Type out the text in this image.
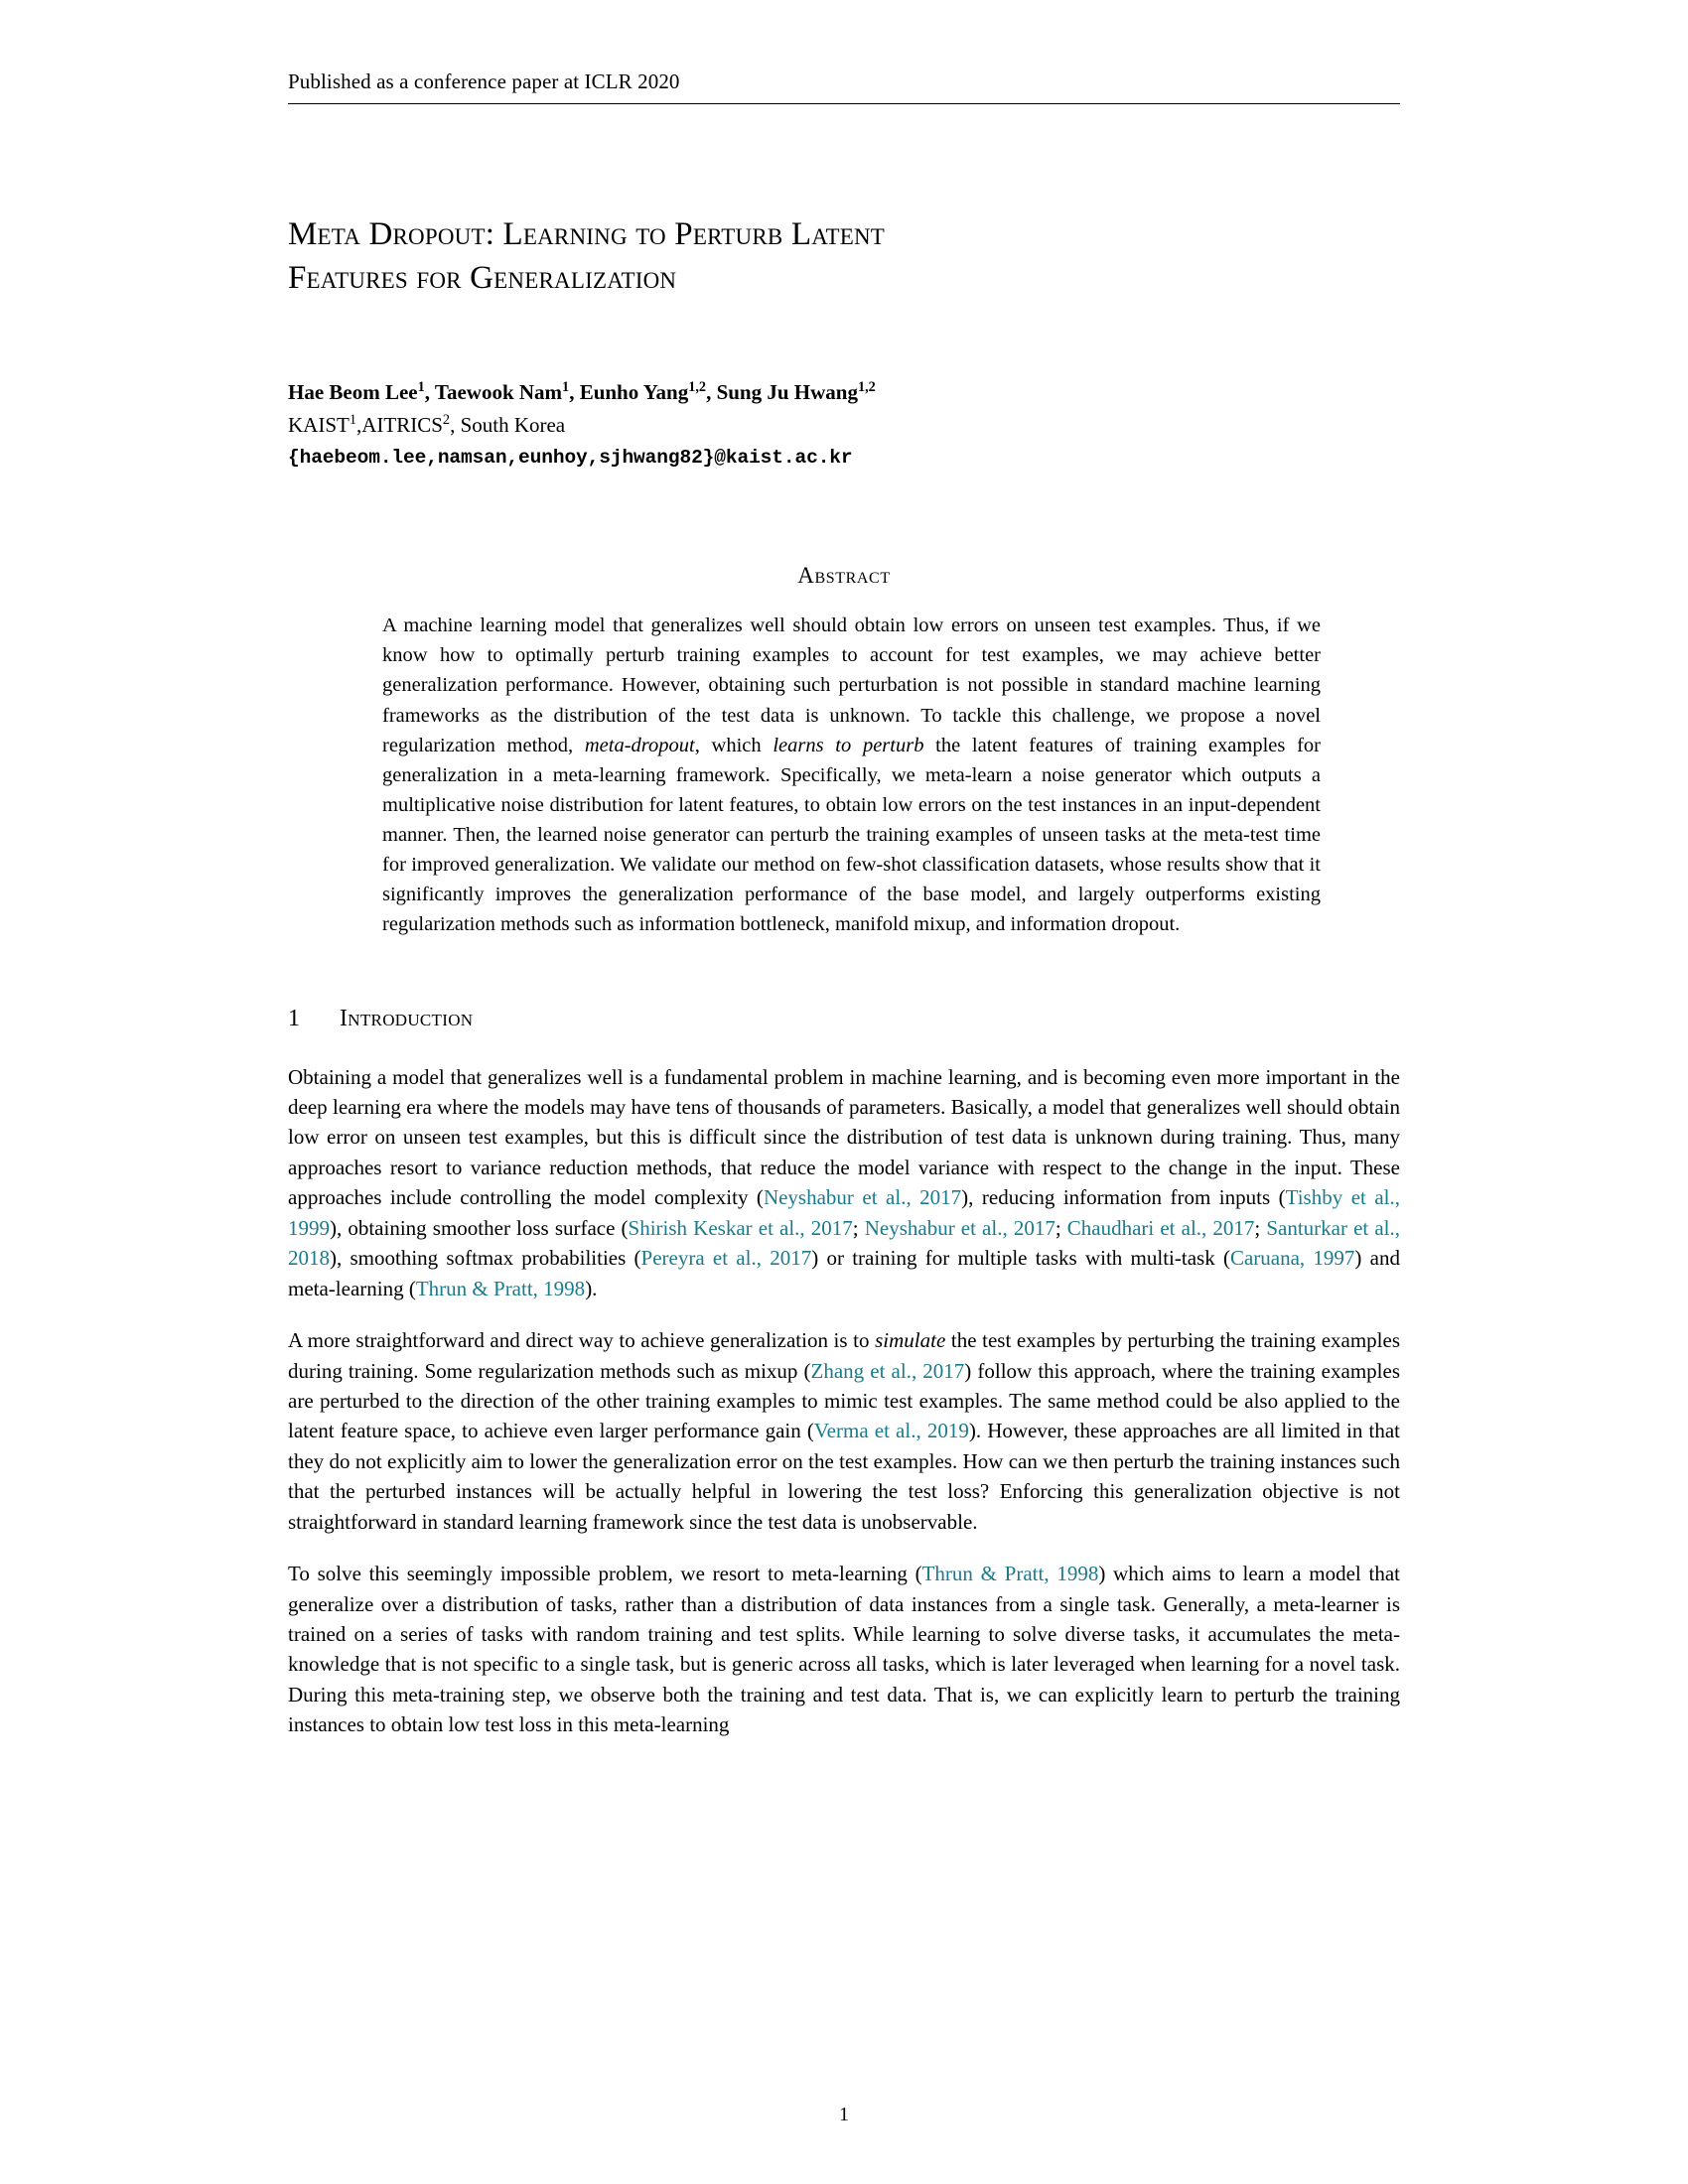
Published as a conference paper at ICLR 2020
Meta Dropout: Learning to Perturb Latent
Features for Generalization
Hae Beom Lee$^1$, Taewook Nam$^1$, Eunho Yang$^{1,2}$, Sung Ju Hwang$^{1,2}$
KAIST$^1$,AITRICS$^2$, South Korea
{haebeom.lee,namsan,eunhoy,sjhwang82}@kaist.ac.kr
Abstract
A machine learning model that generalizes well should obtain low errors on unseen test examples. Thus, if we know how to optimally perturb training examples to account for test examples, we may achieve better generalization performance. However, obtaining such perturbation is not possible in standard machine learning frameworks as the distribution of the test data is unknown. To tackle this challenge, we propose a novel regularization method, meta-dropout, which learns to perturb the latent features of training examples for generalization in a meta-learning framework. Specifically, we meta-learn a noise generator which outputs a multiplicative noise distribution for latent features, to obtain low errors on the test instances in an input-dependent manner. Then, the learned noise generator can perturb the training examples of unseen tasks at the meta-test time for improved generalization. We validate our method on few-shot classification datasets, whose results show that it significantly improves the generalization performance of the base model, and largely outperforms existing regularization methods such as information bottleneck, manifold mixup, and information dropout.
1 Introduction

Obtaining a model that generalizes well is a fundamental problem in machine learning, and is becoming even more important in the deep learning era where the models may have tens of thousands of parameters. Basically, a model that generalizes well should obtain low error on unseen test examples, but this is difficult since the distribution of test data is unknown during training. Thus, many approaches resort to variance reduction methods, that reduce the model variance with respect to the change in the input. These approaches include controlling the model complexity (Neyshabur et al., 2017), reducing information from inputs (Tishby et al., 1999), obtaining smoother loss surface (Shirish Keskar et al., 2017; Neyshabur et al., 2017; Chaudhari et al., 2017; Santurkar et al., 2018), smoothing softmax probabilities (Pereyra et al., 2017) or training for multiple tasks with multi-task (Caruana, 1997) and meta-learning (Thrun & Pratt, 1998).

A more straightforward and direct way to achieve generalization is to simulate the test examples by perturbing the training examples during training. Some regularization methods such as mixup (Zhang et al., 2017) follow this approach, where the training examples are perturbed to the direction of the other training examples to mimic test examples. The same method could be also applied to the latent feature space, to achieve even larger performance gain (Verma et al., 2019). However, these approaches are all limited in that they do not explicitly aim to lower the generalization error on the test examples. How can we then perturb the training instances such that the perturbed instances will be actually helpful in lowering the test loss? Enforcing this generalization objective is not straightforward in standard learning framework since the test data is unobservable.

To solve this seemingly impossible problem, we resort to meta-learning (Thrun & Pratt, 1998) which aims to learn a model that generalize over a distribution of tasks, rather than a distribution of data instances from a single task. Generally, a meta-learner is trained on a series of tasks with random training and test splits. While learning to solve diverse tasks, it accumulates the meta-knowledge that is not specific to a single task, but is generic across all tasks, which is later leveraged when learning for a novel task. During this meta-training step, we observe both the training and test data. That is, we can explicitly learn to perturb the training instances to obtain low test loss in this meta-learning

1
